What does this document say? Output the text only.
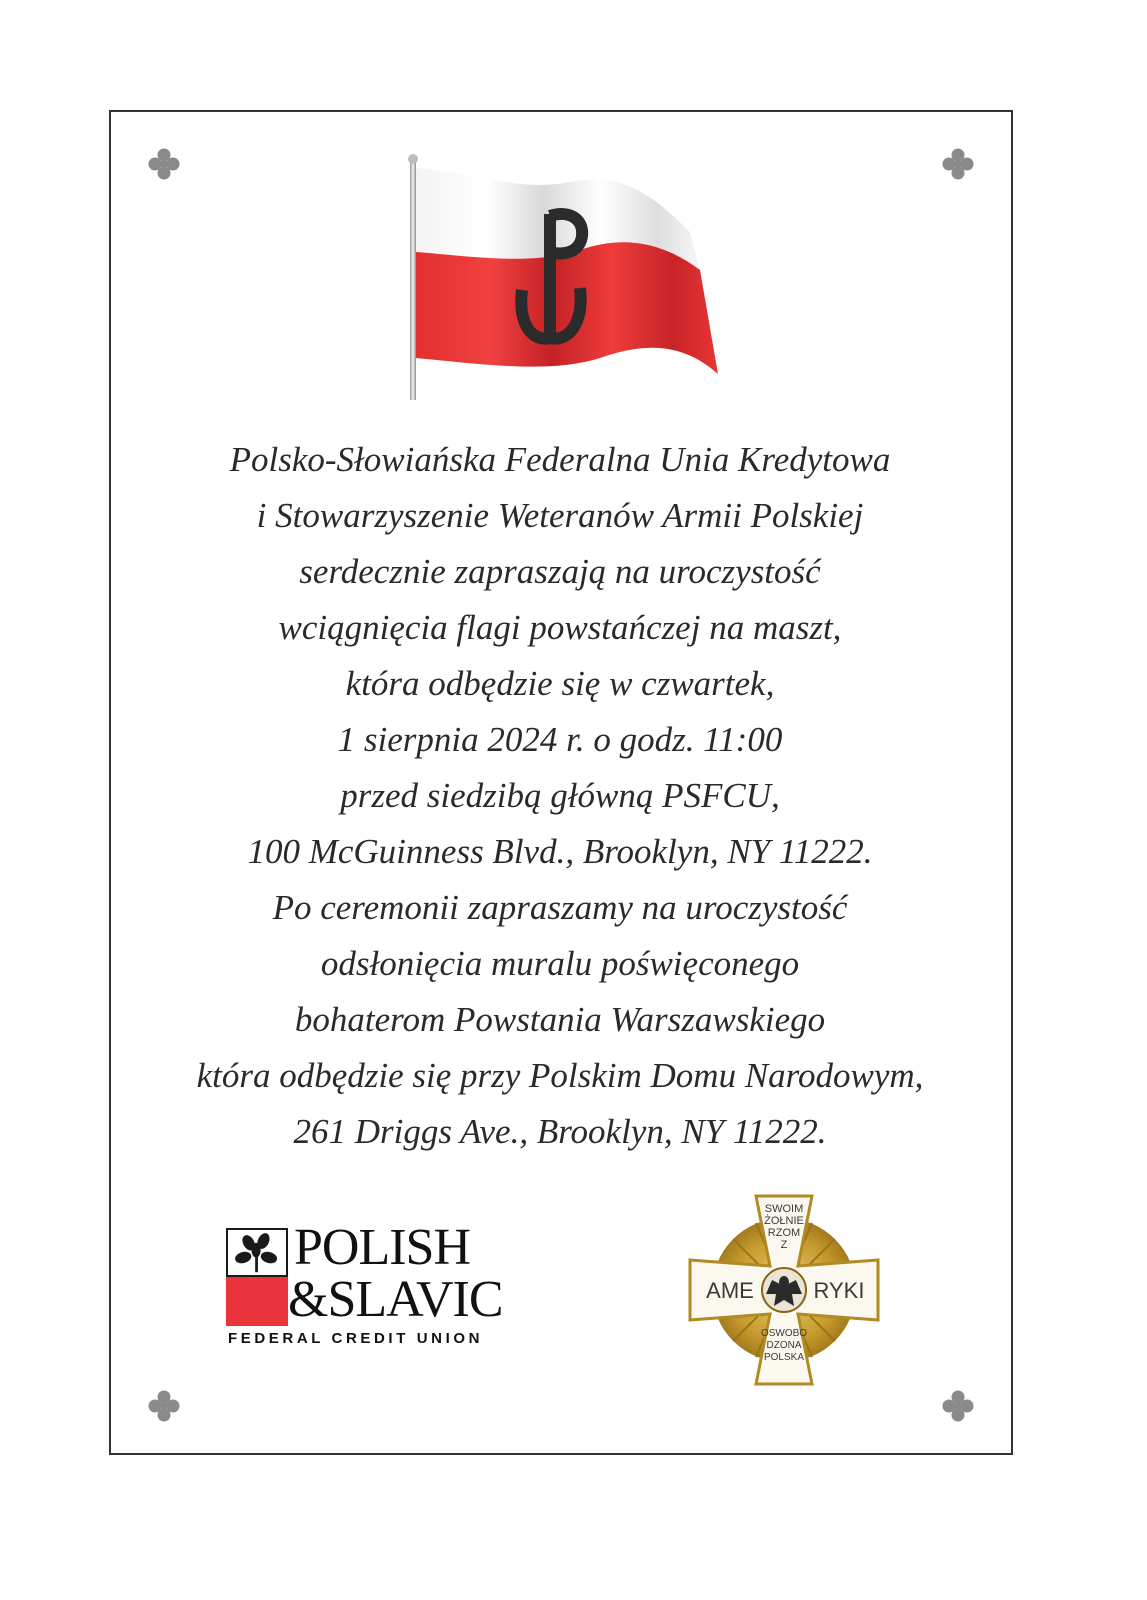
Polsko-Słowiańska Federalna Unia Kredytowa
i Stowarzyszenie Weteranów Armii Polskiej
serdecznie zapraszają na uroczystość
wciągnięcia flagi powstańczej na maszt,
która odbędzie się w czwartek,
1 sierpnia 2024 r. o godz. 11:00
przed siedzibą główną PSFCU,
100 McGuinness Blvd., Brooklyn, NY 11222.
Po ceremonii zapraszamy na uroczystość
odsłonięcia muralu poświęconego
bohaterom Powstania Warszawskiego
która odbędzie się przy Polskim Domu Narodowym,
261 Driggs Ave., Brooklyn, NY 11222.
POLISH
&SLAVIC
FEDERAL CREDIT UNION
SWOIM
ŻOŁNIE
RZOM
Z
AME	RYKI
OSWOBO
DZONA
POLSKA
